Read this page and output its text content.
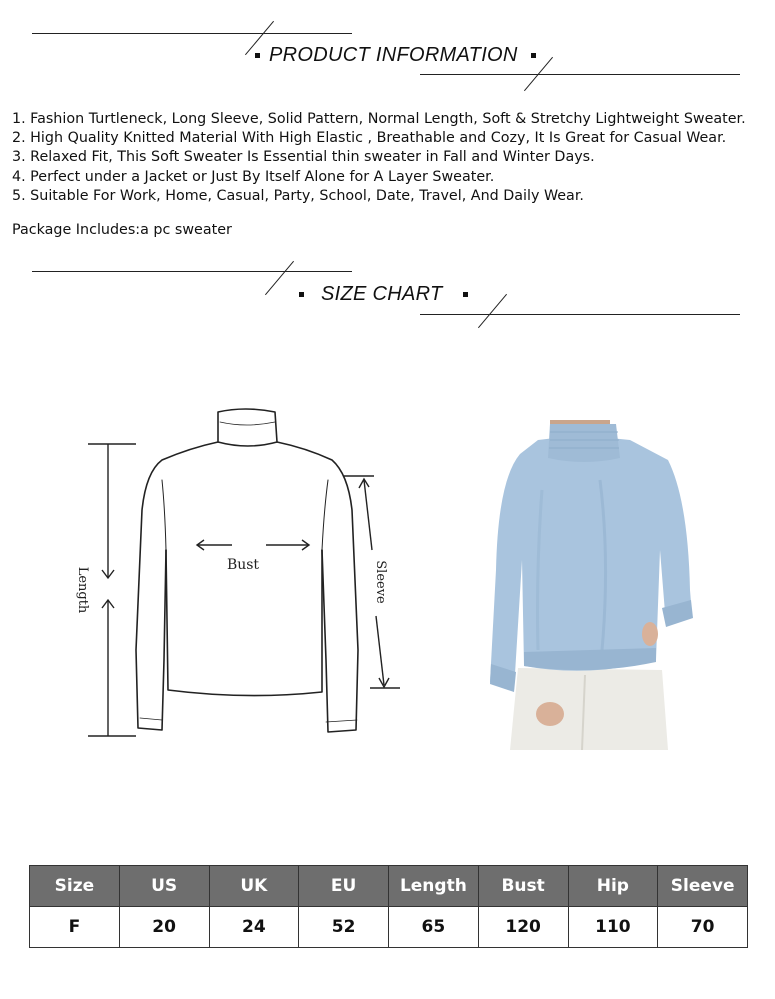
PRODUCT INFORMATION
1. Fashion Turtleneck, Long Sleeve, Solid Pattern, Normal Length, Soft & Stretchy Lightweight Sweater.
2. High Quality Knitted Material With High Elastic , Breathable and Cozy, It Is Great for Casual Wear.
3. Relaxed Fit, This Soft Sweater Is Essential thin sweater in Fall and Winter Days.
4. Perfect under a Jacket or Just By Itself Alone for A Layer Sweater.
5. Suitable For Work, Home, Casual, Party, School, Date, Travel, And Daily Wear.
Package Includes:a pc sweater
SIZE CHART
Length
Bust	Sleeve
Size	US	UK	EU	Length	Bust	Hip	Sleeve
F	20	24	52	65	120	110	70
